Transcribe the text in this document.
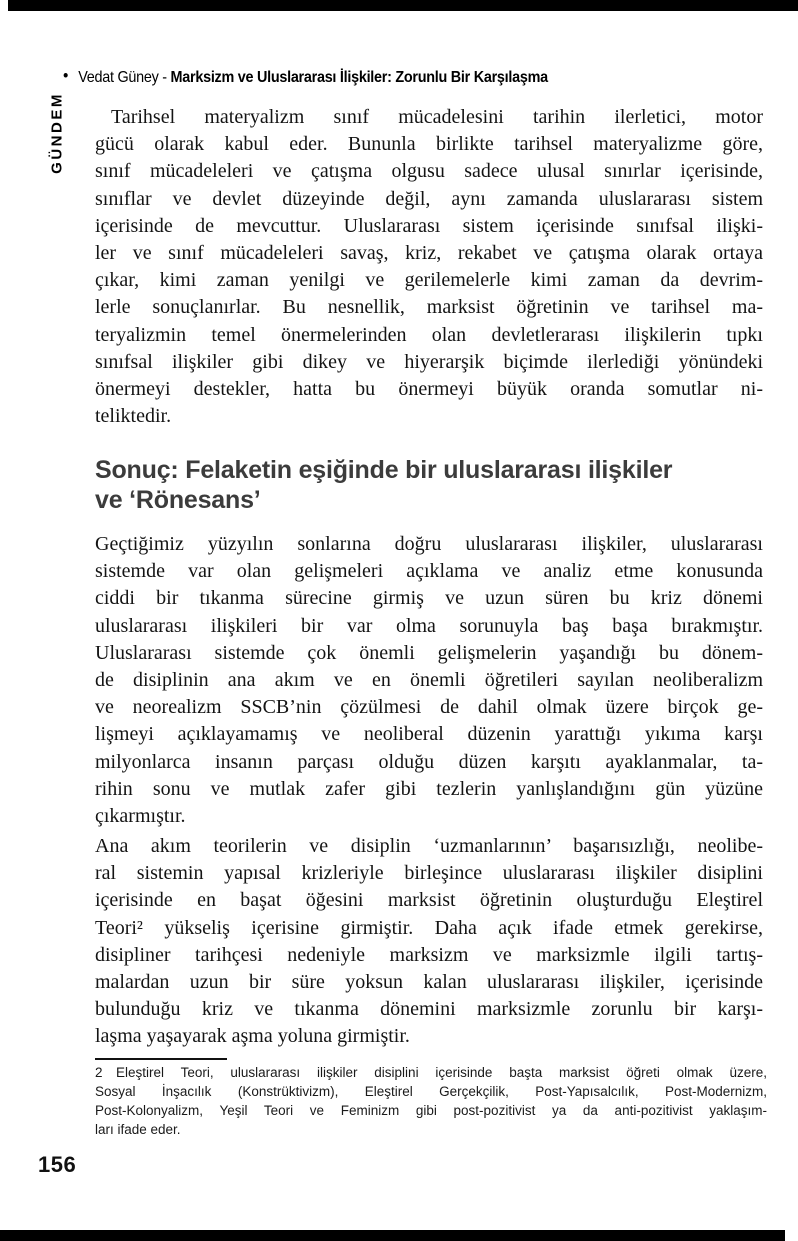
• Vedat Güney - Marksizm ve Uluslararası İlişkiler: Zorunlu Bir Karşılaşma
GÜNDEM	Tarihsel materyalizm sınıf mücadelesini tarihin ilerletici, motor
gücü olarak kabul eder. Bununla birlikte tarihsel materyalizme göre,
sınıf mücadeleleri ve çatışma olgusu sadece ulusal sınırlar içerisinde,
sınıflar ve devlet düzeyinde değil, aynı zamanda uluslararası sistem
içerisinde de mevcuttur. Uluslararası sistem içerisinde sınıfsal ilişki-
ler ve sınıf mücadeleleri savaş, kriz, rekabet ve çatışma olarak ortaya
çıkar, kimi zaman yenilgi ve gerilemelerle kimi zaman da devrim-
lerle sonuçlanırlar. Bu nesnellik, marksist öğretinin ve tarihsel ma-
teryalizmin temel önermelerinden olan devletlerarası ilişkilerin tıpkı
sınıfsal ilişkiler gibi dikey ve hiyerarşik biçimde ilerlediği yönündeki
önermeyi destekler, hatta bu önermeyi büyük oranda somutlar ni-
teliktedir.
Sonuç: Felaketin eşiğinde bir uluslararası ilişkiler
ve ‘Rönesans’
Geçtiğimiz yüzyılın sonlarına doğru uluslararası ilişkiler, uluslararası
sistemde var olan gelişmeleri açıklama ve analiz etme konusunda
ciddi bir tıkanma sürecine girmiş ve uzun süren bu kriz dönemi
uluslararası ilişkileri bir var olma sorunuyla baş başa bırakmıştır.
Uluslararası sistemde çok önemli gelişmelerin yaşandığı bu dönem-
de disiplinin ana akım ve en önemli öğretileri sayılan neoliberalizm
ve neorealizm SSCB’nin çözülmesi de dahil olmak üzere birçok ge-
lişmeyi açıklayamamış ve neoliberal düzenin yarattığı yıkıma karşı
milyonlarca insanın parçası olduğu düzen karşıtı ayaklanmalar, ta-
rihin sonu ve mutlak zafer gibi tezlerin yanlışlandığını gün yüzüne
çıkarmıştır.
Ana akım teorilerin ve disiplin ‘uzmanlarının’ başarısızlığı, neolibe-
ral sistemin yapısal krizleriyle birleşince uluslararası ilişkiler disiplini
içerisinde en başat öğesini marksist öğretinin oluşturduğu Eleştirel
Teori² yükseliş içerisine girmiştir. Daha açık ifade etmek gerekirse,
disipliner tarihçesi nedeniyle marksizm ve marksizmle ilgili tartış-
malardan uzun bir süre yoksun kalan uluslararası ilişkiler, içerisinde
bulunduğu kriz ve tıkanma dönemini marksizmle zorunlu bir karşı-
laşma yaşayarak aşma yoluna girmiştir.
2 Eleştirel Teori, uluslararası ilişkiler disiplini içerisinde başta marksist öğreti olmak üzere,
Sosyal İnşacılık (Konstrüktivizm), Eleştirel Gerçekçilik, Post-Yapısalcılık, Post-Modernizm,
Post-Kolonyalizm, Yeşil Teori ve Feminizm gibi post-pozitivist ya da anti-pozitivist yaklaşım-
ları ifade eder.
156
